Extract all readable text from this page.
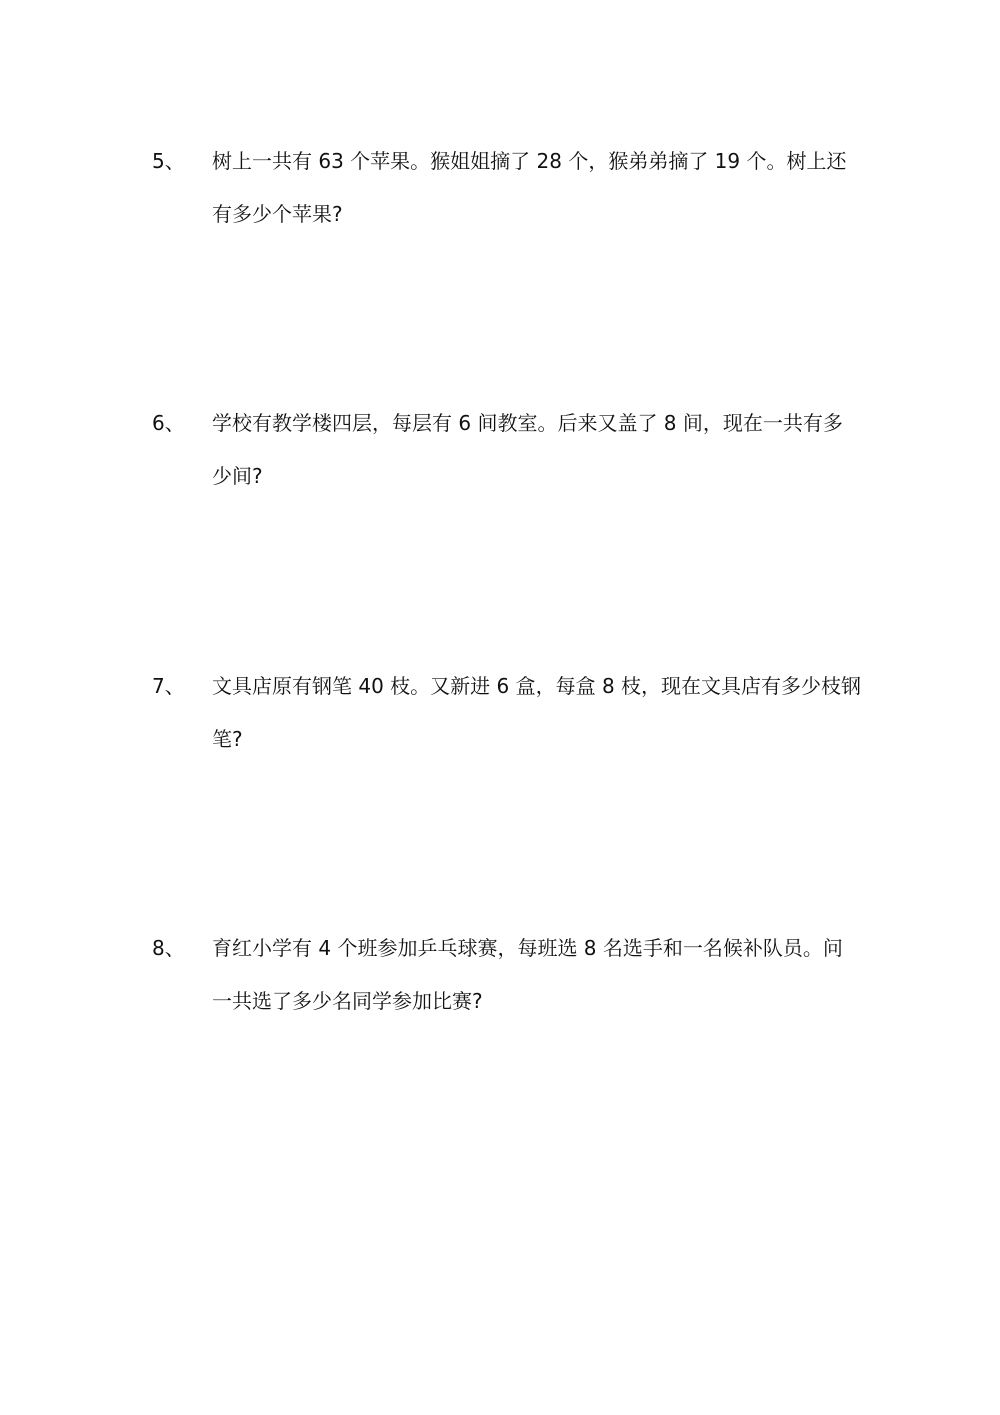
5、 树上一共有 63 个苹果。猴姐姐摘了 28 个，猴弟弟摘了 19 个。树上还
有多少个苹果?
6、 学校有教学楼四层，每层有 6 间教室。后来又盖了 8 间，现在一共有多
少间?
7、 文具店原有钢笔 40 枝。又新进 6 盒，每盒 8 枝，现在文具店有多少枝钢
笔?
8、 育红小学有 4 个班参加乒乓球赛，每班选 8 名选手和一名候补队员。问
一共选了多少名同学参加比赛?
